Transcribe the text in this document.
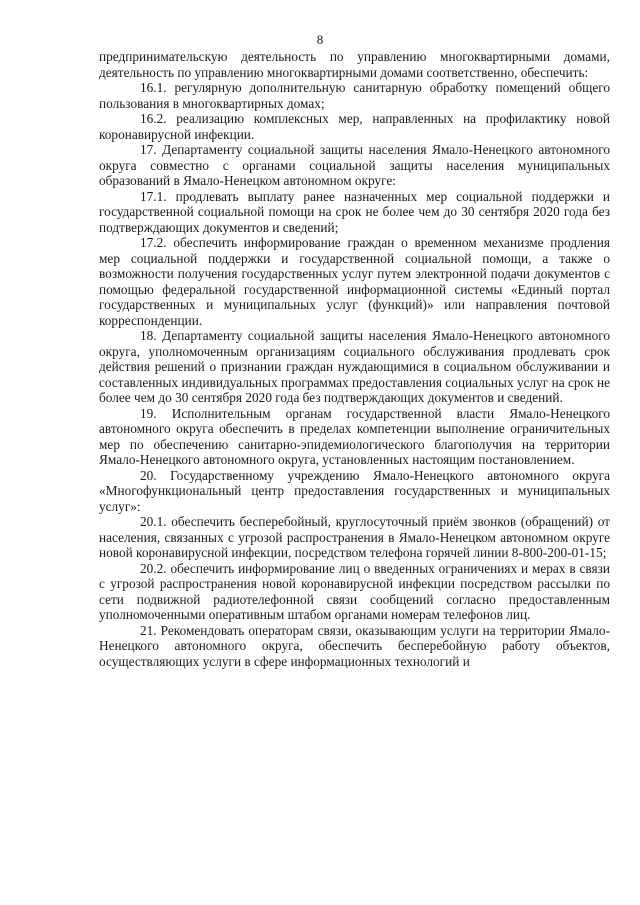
8

предпринимательскую деятельность по управлению многоквартирными домами, деятельность по управлению многоквартирными домами соответственно, обеспечить:

16.1. регулярную дополнительную санитарную обработку помещений общего пользования в многоквартирных домах;

16.2. реализацию комплексных мер, направленных на профилактику новой коронавирусной инфекции.

17. Департаменту социальной защиты населения Ямало-Ненецкого автономного округа совместно с органами социальной защиты населения муниципальных образований в Ямало-Ненецком автономном округе:

17.1. продлевать выплату ранее назначенных мер социальной поддержки и государственной социальной помощи на срок не более чем до 30 сентября 2020 года без подтверждающих документов и сведений;

17.2. обеспечить информирование граждан о временном механизме продления мер социальной поддержки и государственной социальной помощи, а также о возможности получения государственных услуг путем электронной подачи документов с помощью федеральной государственной информационной системы «Единый портал государственных и муниципальных услуг (функций)» или направления почтовой корреспонденции.

18. Департаменту социальной защиты населения Ямало-Ненецкого автономного округа, уполномоченным организациям социального обслуживания продлевать срок действия решений о признании граждан нуждающимися в социальном обслуживании и составленных индивидуальных программах предоставления социальных услуг на срок не более чем до 30 сентября 2020 года без подтверждающих документов и сведений.

19. Исполнительным органам государственной власти Ямало-Ненецкого автономного округа обеспечить в пределах компетенции выполнение ограничительных мер по обеспечению санитарно-эпидемиологического благополучия на территории Ямало-Ненецкого автономного округа, установленных настоящим постановлением.

20. Государственному учреждению Ямало-Ненецкого автономного округа «Многофункциональный центр предоставления государственных и муниципальных услуг»:

20.1. обеспечить бесперебойный, круглосуточный приём звонков (обращений) от населения, связанных с угрозой распространения в Ямало-Ненецком автономном округе новой коронавирусной инфекции, посредством телефона горячей линии 8-800-200-01-15;

20.2. обеспечить информирование лиц о введенных ограничениях и мерах в связи с угрозой распространения новой коронавирусной инфекции посредством рассылки по сети подвижной радиотелефонной связи сообщений согласно предоставленным уполномоченными оперативным штабом органами номерам телефонов лиц.

21. Рекомендовать операторам связи, оказывающим услуги на территории Ямало-Ненецкого автономного округа, обеспечить бесперебойную работу объектов, осуществляющих услуги в сфере информационных технологий и
